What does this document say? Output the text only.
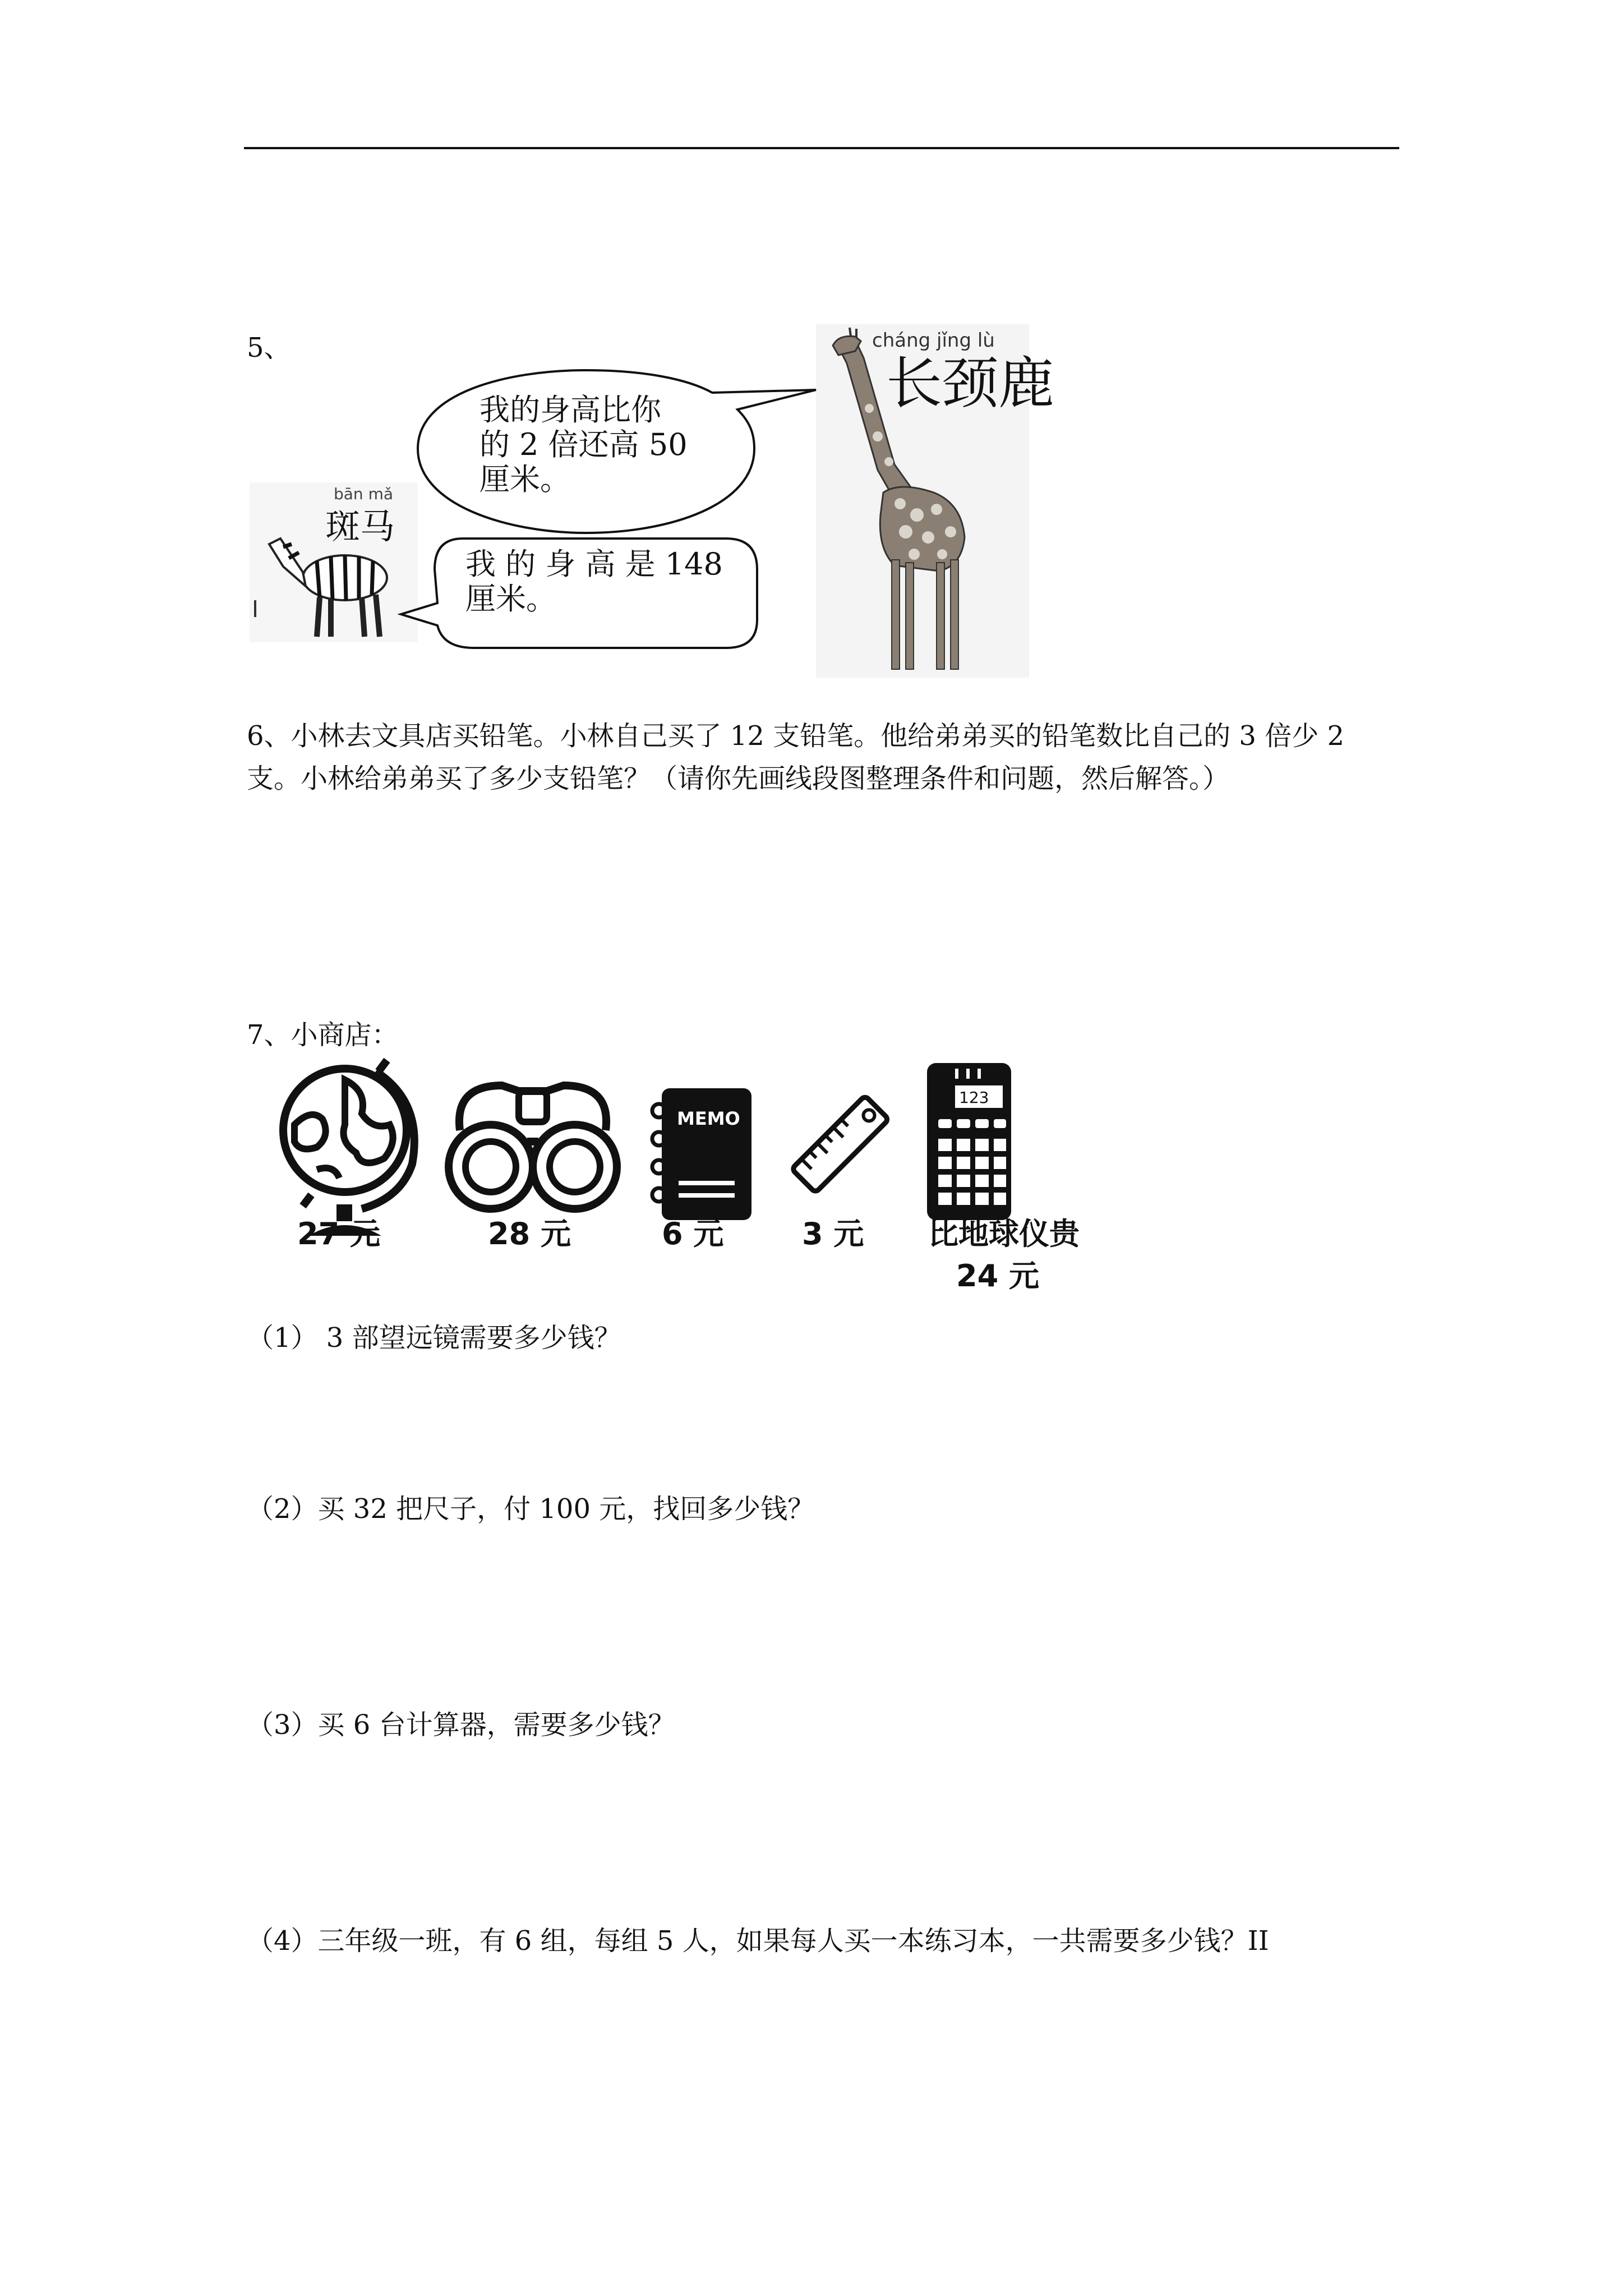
5、	cháng jǐng lù
长颈鹿
bān mǎ
斑马
我的身高比你
的 2 倍还高 50
厘米。
我 的 身 高 是 148
厘米。
6、小林去文具店买铅笔。小林自己买了 12 支铅笔。他给弟弟买的铅笔数比自己的 3 倍少 2
支。小林给弟弟买了多少支铅笔？（请你先画线段图整理条件和问题，然后解答。）
7、小商店：
MEMO
123
27 元	28 元	6 元	3 元 比地球仪贵
24 元
（1） 3 部望远镜需要多少钱？
（2）买 32 把尺子，付 100 元，找回多少钱？
（3）买 6 台计算器，需要多少钱？
（4）三年级一班，有 6 组，每组 5 人，如果每人买一本练习本，一共需要多少钱？II
